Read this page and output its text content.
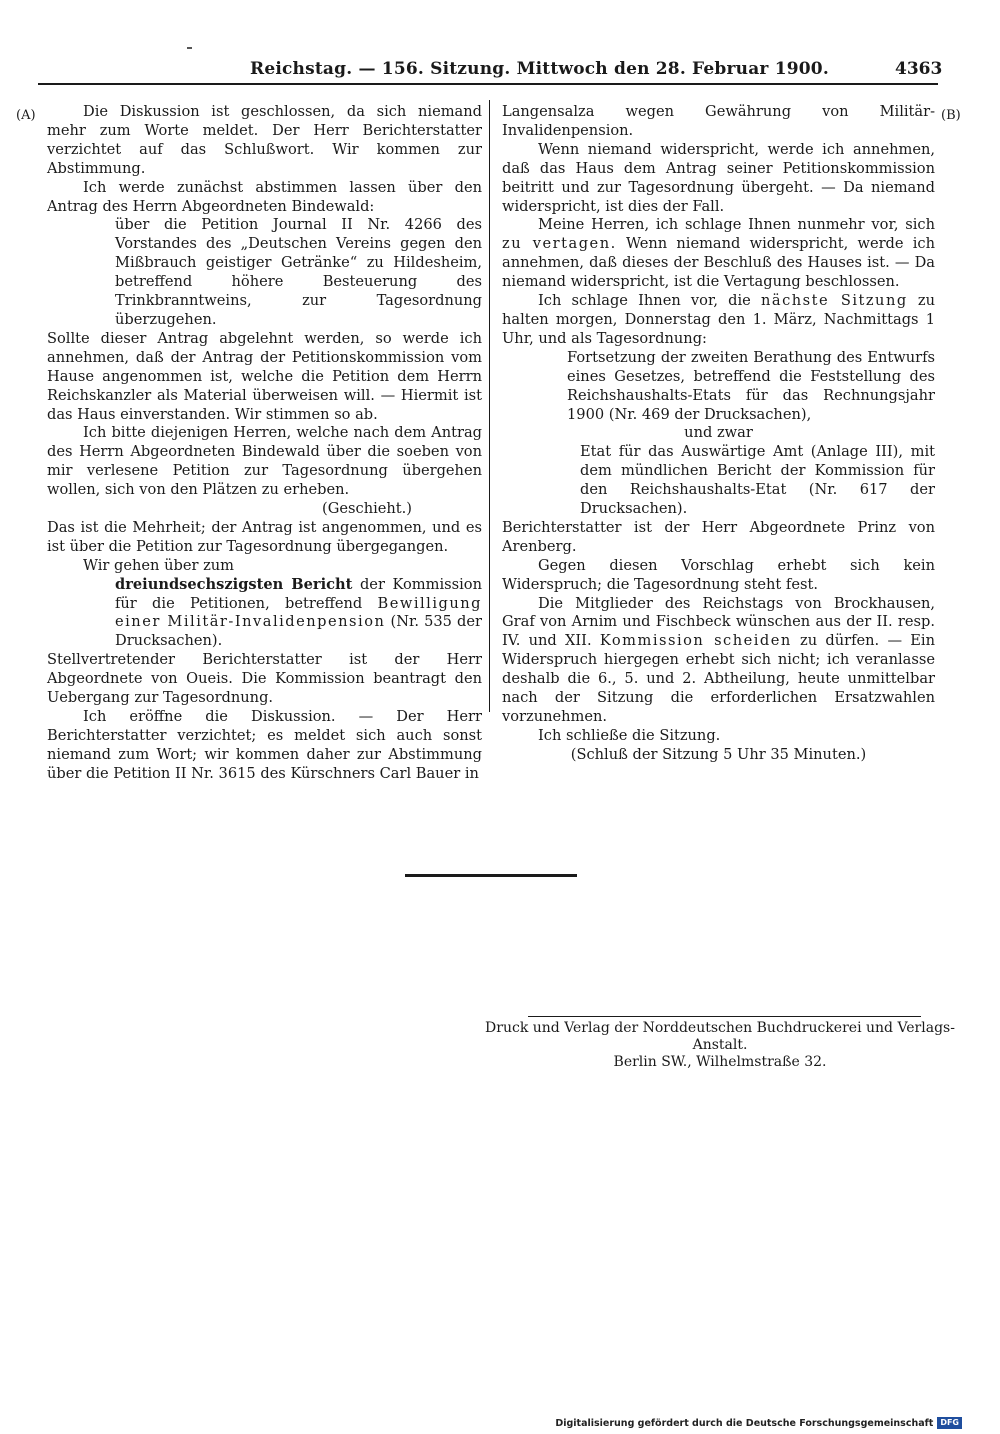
Reichstag. — 156. Sitzung. Mittwoch den 28. Februar 1900.	4363
(A)	(B)

Die Diskussion ist geschlossen, da sich niemand mehr zum Worte meldet. Der Herr Berichterstatter verzichtet auf das Schlußwort. Wir kommen zur Abstimmung.

Ich werde zunächst abstimmen lassen über den Antrag des Herrn Abgeordneten Bindewald:

über die Petition Journal II Nr. 4266 des Vorstandes des „Deutschen Vereins gegen den Mißbrauch geistiger Getränke“ zu Hildesheim, betreffend höhere Besteuerung des Trinkbranntweins, zur Tagesordnung überzugehen.

Sollte dieser Antrag abgelehnt werden, so werde ich annehmen, daß der Antrag der Petitionskommission vom Hause angenommen ist, welche die Petition dem Herrn Reichskanzler als Material überweisen will. — Hiermit ist das Haus einverstanden. Wir stimmen so ab.

Ich bitte diejenigen Herren, welche nach dem Antrag des Herrn Abgeordneten Bindewald über die soeben von mir verlesene Petition zur Tagesordnung übergehen wollen, sich von den Plätzen zu erheben.

(Geschieht.)

Das ist die Mehrheit; der Antrag ist angenommen, und es ist über die Petition zur Tagesordnung übergegangen.

Wir gehen über zum

dreiundsechszigsten Bericht der Kommission für die Petitionen, betreffend Bewilligung einer Militär-Invalidenpension (Nr. 535 der Drucksachen).

Stellvertretender Berichterstatter ist der Herr Abgeordnete von Oueis. Die Kommission beantragt den Uebergang zur Tagesordnung.

Ich eröffne die Diskussion. — Der Herr Berichterstatter verzichtet; es meldet sich auch sonst niemand zum Wort; wir kommen daher zur Abstimmung über die Petition II Nr. 3615 des Kürschners Carl Bauer in

Langensalza wegen Gewährung von Militär-Invalidenpension.

Wenn niemand widerspricht, werde ich annehmen, daß das Haus dem Antrag seiner Petitionskommission beitritt und zur Tagesordnung übergeht. — Da niemand widerspricht, ist dies der Fall.

Meine Herren, ich schlage Ihnen nunmehr vor, sich zu vertagen. Wenn niemand widerspricht, werde ich annehmen, daß dieses der Beschluß des Hauses ist. — Da niemand widerspricht, ist die Vertagung beschlossen.

Ich schlage Ihnen vor, die nächste Sitzung zu halten morgen, Donnerstag den 1. März, Nachmittags 1 Uhr, und als Tagesordnung:

Fortsetzung der zweiten Berathung des Entwurfs eines Gesetzes, betreffend die Feststellung des Reichshaushalts-Etats für das Rechnungsjahr 1900 (Nr. 469 der Drucksachen),

und zwar

Etat für das Auswärtige Amt (Anlage III), mit dem mündlichen Bericht der Kommission für den Reichshaushalts-Etat (Nr. 617 der Drucksachen).

Berichterstatter ist der Herr Abgeordnete Prinz von Arenberg.

Gegen diesen Vorschlag erhebt sich kein Widerspruch; die Tagesordnung steht fest.

Die Mitglieder des Reichstags von Brockhausen, Graf von Arnim und Fischbeck wünschen aus der II. resp. IV. und XII. Kommission scheiden zu dürfen. — Ein Widerspruch hiergegen erhebt sich nicht; ich veranlasse deshalb die 6., 5. und 2. Abtheilung, heute unmittelbar nach der Sitzung die erforderlichen Ersatzwahlen vorzunehmen.

Ich schließe die Sitzung.

(Schluß der Sitzung 5 Uhr 35 Minuten.)

Druck und Verlag der Norddeutschen Buchdruckerei und Verlags-Anstalt.
Berlin SW., Wilhelmstraße 32.
Digitalisierung gefördert durch die Deutsche Forschungsgemeinschaft DFG
